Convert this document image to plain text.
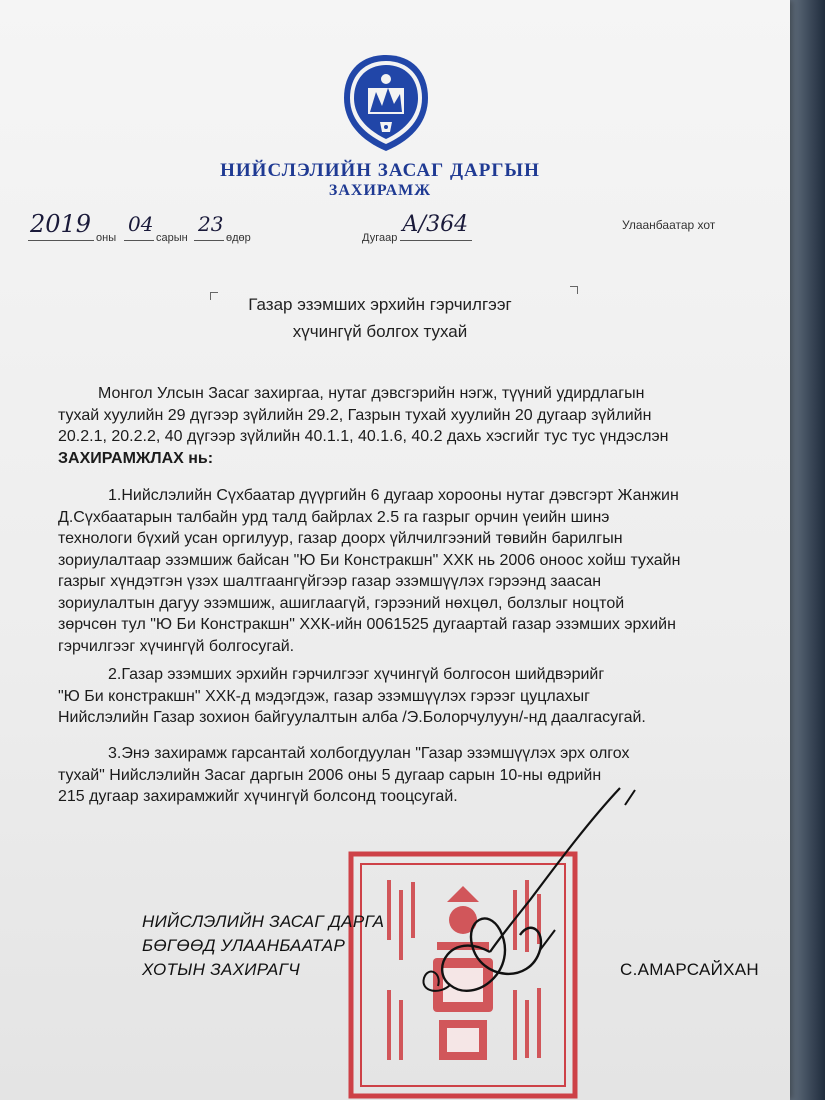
НИЙСЛЭЛИЙН ЗАСАГ ДАРГЫН
ЗАХИРАМЖ
2019 оны
04
сарын
23
өдөр	Дугаар
А/364	Улаанбаатар хот
Газар эзэмших эрхийн гэрчилгээг
хүчингүй болгох тухай
Монгол Улсын Засаг захиргаа, нутаг дэвсгэрийн нэгж, түүний удирдлагын
тухай хуулийн 29 дүгээр зүйлийн 29.2, Газрын тухай хуулийн 20 дугаар зүйлийн
20.2.1, 20.2.2, 40 дүгээр зүйлийн 40.1.1, 40.1.6, 40.2 дахь хэсгийг тус тус үндэслэн
ЗАХИРАМЖЛАХ нь:
1.Нийслэлийн Сүхбаатар дүүргийн 6 дугаар хорооны нутаг дэвсгэрт Жанжин
Д.Сүхбаатарын талбайн урд талд байрлах 2.5 га газрыг орчин үеийн шинэ
технологи бүхий усан оргилуур, газар доорх үйлчилгээний төвийн барилгын
зориулалтаар эзэмшиж байсан "Ю Би Констракшн" ХХК нь 2006 оноос хойш тухайн
газрыг хүндэтгэн үзэх шалтгаангүйгээр газар эзэмшүүлэх гэрээнд заасан
зориулалтын дагуу эзэмшиж, ашиглаагүй, гэрээний нөхцөл, болзлыг ноцтой
зөрчсөн тул "Ю Би Констракшн" ХХК-ийн 0061525 дугаартай газар эзэмших эрхийн
гэрчилгээг хүчингүй болгосугай.
2.Газар эзэмших эрхийн гэрчилгээг хүчингүй болгосон шийдвэрийг
"Ю Би констракшн" ХХК-д мэдэгдэж, газар эзэмшүүлэх гэрээг цуцлахыг
Нийслэлийн Газар зохион байгуулалтын алба /Э.Болорчулуун/-нд даалгасугай.
3.Энэ захирамж гарсантай холбогдуулан "Газар эзэмшүүлэх эрх олгох
тухай" Нийслэлийн Засаг даргын 2006 оны 5 дугаар сарын 10-ны өдрийн
215 дугаар захирамжийг хүчингүй болсонд тооцсугай.
НИЙСЛЭЛИЙН ЗАСАГ ДАРГА
БӨГӨӨД УЛААНБААТАР
ХОТЫН ЗАХИРАГЧ	С.АМАРСАЙХАН
